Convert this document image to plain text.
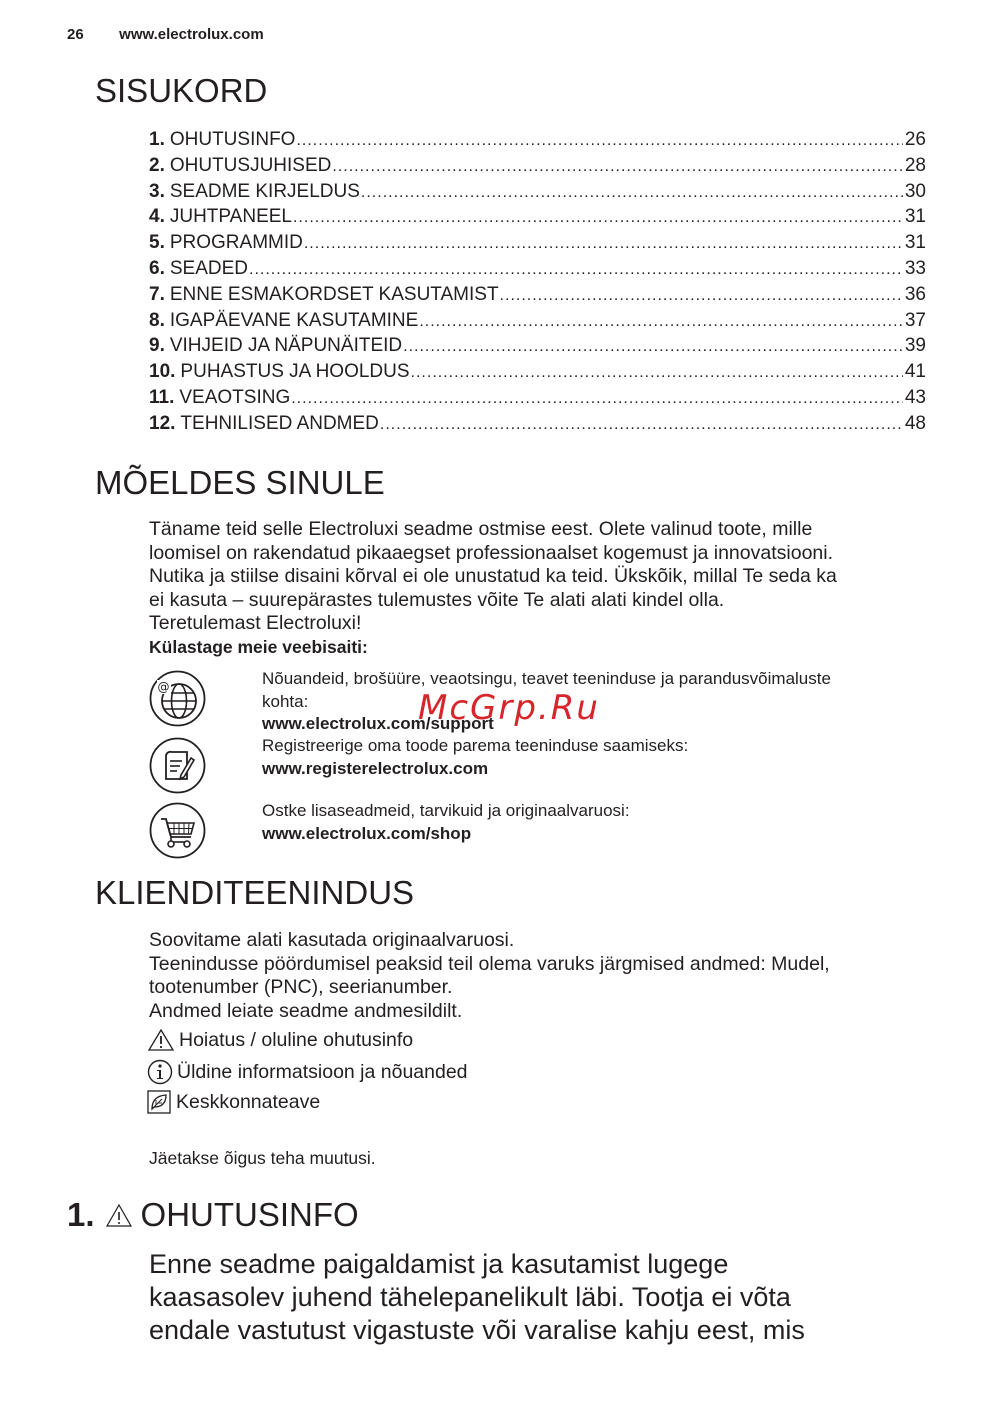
26 www.electrolux.com
SISUKORD
1. OHUTUSINFO .....	26
2. OHUTUSJUHISED .....	28
3. SEADME KIRJELDUS .....	30
4. JUHTPANEEL .....	31
5. PROGRAMMID .....	31
6. SEADED .....	33
7. ENNE ESMAKORDSET KASUTAMIST .....	36
8. IGAPÄEVANE KASUTAMINE .....	37
9. VIHJEID JA NÄPUNÄITEID .....	39
10. PUHASTUS JA HOOLDUS .....	41
11. VEAOTSING .....	43
12. TEHNILISED ANDMED .....	48
MÕELDES SINULE
Täname teid selle Electroluxi seadme ostmise eest. Olete valinud toote, mille
loomisel on rakendatud pikaaegset professionaalset kogemust ja innovatsiooni.
Nutika ja stiilse disaini kõrval ei ole unustatud ka teid. Ükskõik, millal Te seda ka
ei kasuta – suurepärastes tulemustes võite Te alati alati kindel olla.
Teretulemast Electroluxi!
Külastage meie veebisaiti:
@	Nõuandeid, brošüüre, veaotsingu, teavet teeninduse ja parandusvõimaluste
kohta:
www.electrolux.com/support
Registreerige oma toode parema teeninduse saamiseks:
www.registerelectrolux.com
Ostke lisaseadmeid, tarvikuid ja originaalvaruosi:
www.electrolux.com/shop
McGrp.Ru
KLIENDITEENINDUS
Soovitame alati kasutada originaalvaruosi.
Teenindusse pöördumisel peaksid teil olema varuks järgmised andmed: Mudel,
tootenumber (PNC), seerianumber.
Andmed leiate seadme andmesildilt.
Hoiatus / oluline ohutusinfo
Üldine informatsioon ja nõuanded
Keskkonnateave
Jäetakse õigus teha muutusi.
1. OHUTUSINFO
Enne seadme paigaldamist ja kasutamist lugege
kaasasolev juhend tähelepanelikult läbi. Tootja ei võta
endale vastutust vigastuste või varalise kahju eest, mis
